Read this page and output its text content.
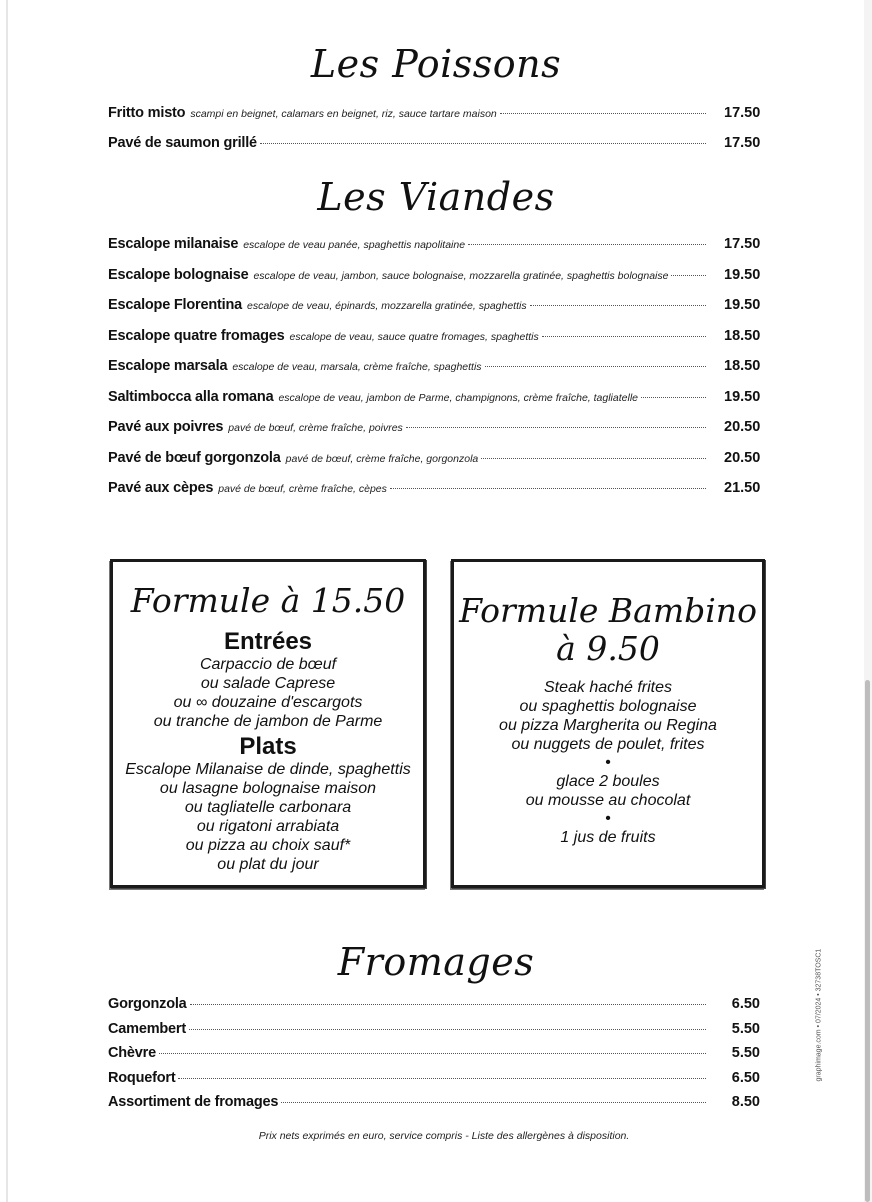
Les Poissons
Fritto misto scampi en beignet, calamars en beignet, riz, sauce tartare maison	17.50
Pavé de saumon grillé	17.50
Les Viandes
Escalope milanaise escalope de veau panée, spaghettis napolitaine	17.50
Escalope bolognaise escalope de veau, jambon, sauce bolognaise, mozzarella gratinée, spaghettis bolognaise	19.50
Escalope Florentina escalope de veau, épinards, mozzarella gratinée, spaghettis	19.50
Escalope quatre fromages escalope de veau, sauce quatre fromages, spaghettis	18.50
Escalope marsala escalope de veau, marsala, crème fraîche, spaghettis	18.50
Saltimbocca alla romana escalope de veau, jambon de Parme, champignons, crème fraîche, tagliatelle	19.50
Pavé aux poivres pavé de bœuf, crème fraîche, poivres	20.50
Pavé de bœuf gorgonzola pavé de bœuf, crème fraîche, gorgonzola	20.50
Pavé aux cèpes pavé de bœuf, crème fraîche, cèpes	21.50
Formule à 15.50
Entrées
Carpaccio de bœuf
ou salade Caprese
ou ∞ douzaine d'escargots
ou tranche de jambon de Parme
Plats
Escalope Milanaise de dinde, spaghettis
ou lasagne bolognaise maison
ou tagliatelle carbonara
ou rigatoni arrabiata
ou pizza au choix sauf*
ou plat du jour
Formule Bambino
à 9.50
Steak haché frites
ou spaghettis bolognaise
ou pizza Margherita ou Regina
ou nuggets de poulet, frites
•
glace 2 boules
ou mousse au chocolat
•
1 jus de fruits
Fromages
Gorgonzola	6.50
Camembert	5.50
Chèvre	5.50
Roquefort	6.50
Assortiment de fromages	8.50
Prix nets exprimés en euro, service compris - Liste des allergènes à disposition.
graphimage.com • 07/2024 • 32738TOSC1
